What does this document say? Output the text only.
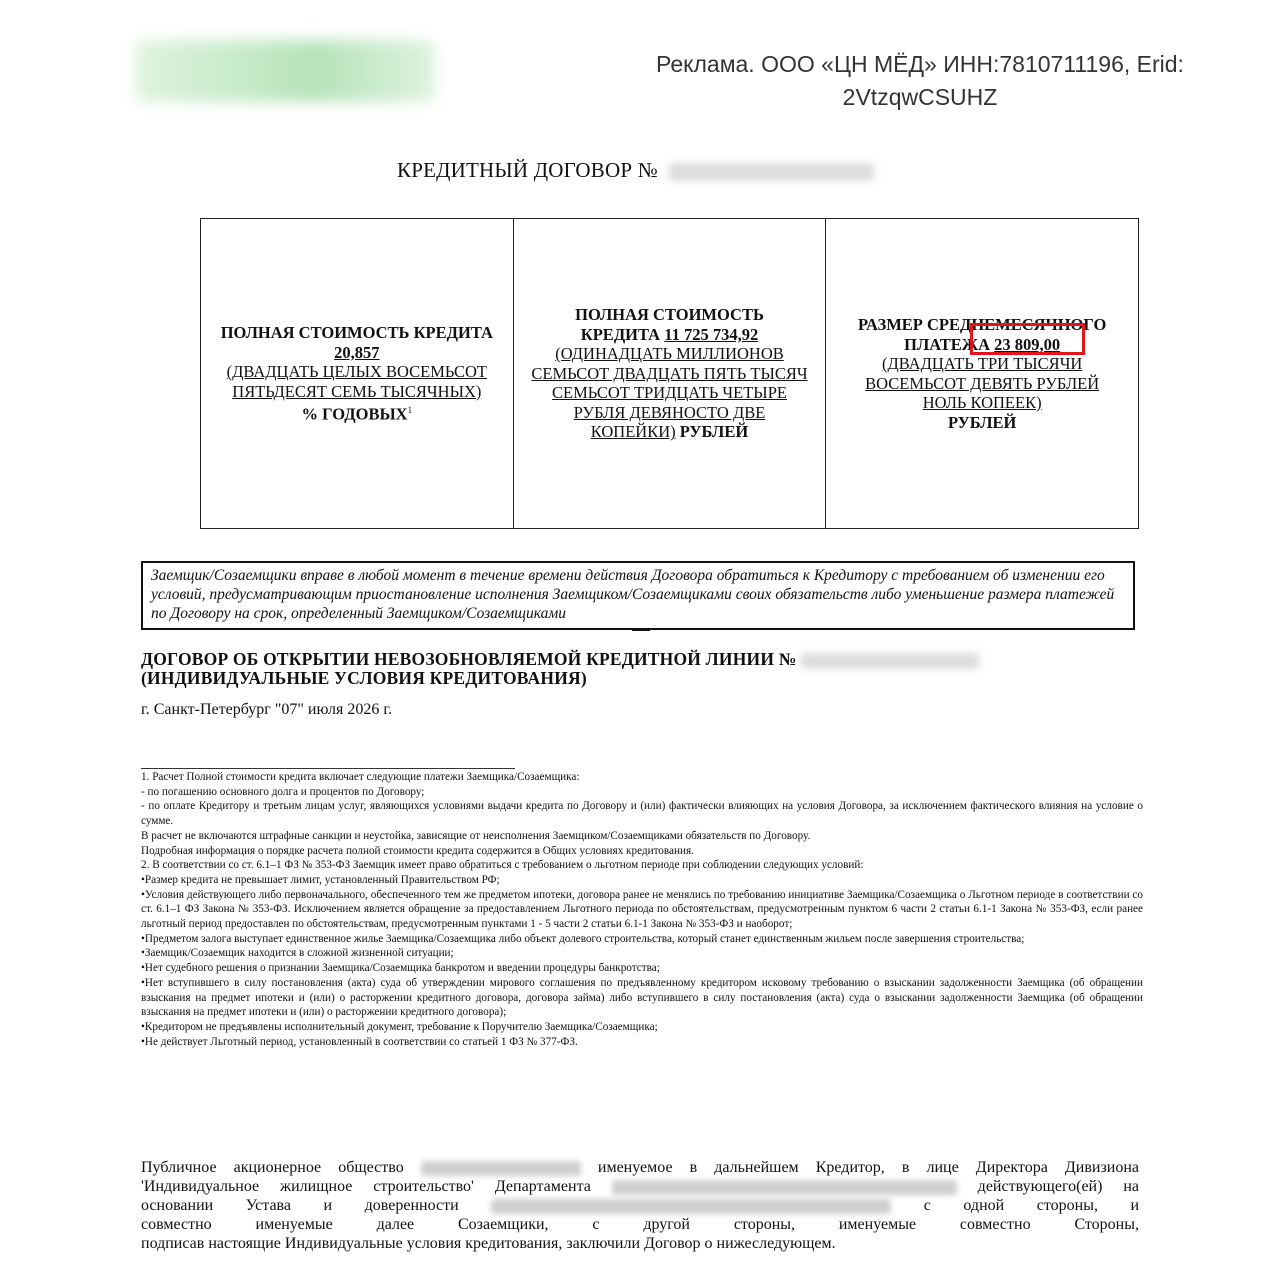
Реклама. ООО «ЦН МЁД» ИНН:7810711196, Erid:
2VtzqwCSUHZ
КРЕДИТНЫЙ ДОГОВОР №
ПОЛНАЯ СТОИМОСТЬ КРЕДИТА
20,857
(ДВАДЦАТЬ ЦЕЛЫХ ВОСЕМЬСОТ ПЯТЬДЕСЯТ СЕМЬ ТЫСЯЧНЫХ)
% ГОДОВЫХ$^1$

ПОЛНАЯ СТОИМОСТЬ
КРЕДИТА 11 725 734,92
(ОДИНАДЦАТЬ МИЛЛИОНОВ СЕМЬСОТ ДВАДЦАТЬ ПЯТЬ ТЫСЯЧ СЕМЬСОТ ТРИДЦАТЬ ЧЕТЫРЕ РУБЛЯ ДЕВЯНОСТО ДВЕ КОПЕЙКИ) РУБЛЕЙ

РАЗМЕР СРЕДНЕМЕСЯЧНОГО
ПЛАТЕЖА 23 809,00
(ДВАДЦАТЬ ТРИ ТЫСЯЧИ ВОСЕМЬСОТ ДЕВЯТЬ РУБЛЕЙ НОЛЬ КОПЕЕК)
РУБЛЕЙ
Заемщик/Созаемщики вправе в любой момент в течение времени действия Договора обратиться к Кредитору с требованием об изменении его условий, предусматривающим приостановление исполнения Заемщиком/Созаемщиками своих обязательств либо уменьшение размера платежей по Договору на срок, определенный Заемщиком/Созаемщиками
ДОГОВОР ОБ ОТКРЫТИИ НЕВОЗОБНОВЛЯЕМОЙ КРЕДИТНОЙ ЛИНИИ №
(ИНДИВИДУАЛЬНЫЕ УСЛОВИЯ КРЕДИТОВАНИЯ)
г. Санкт-Петербург "07" июля 2026 г.

1. Расчет Полной стоимости кредита включает следующие платежи Заемщика/Созаемщика:

- по погашению основного долга и процентов по Договору;

- по оплате Кредитору и третьим лицам услуг, являющихся условиями выдачи кредита по Договору и (или) фактически влияющих на условия Договора, за исключением фактического влияния на условие о сумме.

В расчет не включаются штрафные санкции и неустойка, зависящие от неисполнения Заемщиком/Созаемщиками обязательств по Договору.

Подробная информация о порядке расчета полной стоимости кредита содержится в Общих условиях кредитования.

2. В соответствии со ст. 6.1–1 ФЗ № 353-ФЗ Заемщик имеет право обратиться с требованием о льготном периоде при соблюдении следующих условий:

•Размер кредита не превышает лимит, установленный Правительством РФ;

•Условия действующего либо первоначального, обеспеченного тем же предметом ипотеки, договора ранее не менялись по требованию инициативе Заемщика/Созаемщика о Льготном периоде в соответствии со ст. 6.1–1 ФЗ Закона № 353-ФЗ. Исключением является обращение за предоставлением Льготного периода по обстоятельствам, предусмотренным пунктом 6 части 2 статьи 6.1-1 Закона № 353-ФЗ, если ранее льготный период предоставлен по обстоятельствам, предусмотренным пунктами 1 - 5 части 2 статьи 6.1-1 Закона № 353-ФЗ и наоборот;

•Предметом залога выступает единственное жилье Заемщика/Созаемщика либо объект долевого строительства, который станет единственным жильем после завершения строительства;

•Заемщик/Созаемщик находится в сложной жизненной ситуации;

•Нет судебного решения о признании Заемщика/Созаемщика банкротом и введении процедуры банкротства;

•Нет вступившего в силу постановления (акта) суда об утверждении мирового соглашения по предъявленному кредитором исковому требованию о взыскании задолженности Заемщика (об обращении взыскания на предмет ипотеки и (или) о расторжении кредитного договора, договора займа) либо вступившего в силу постановления (акта) суда о взыскании задолженности Заемщика (об обращении взыскания на предмет ипотеки и (или) о расторжении кредитного договора);

•Кредитором не предъявлены исполнительный документ, требование к Поручителю Заемщика/Созаемщика;

•Не действует Льготный период, установленный в соответствии со статьей 1 ФЗ № 377-ФЗ.

Публичное акционерное общество	именуемое в дальнейшем Кредитор, в лице Директора Дивизиона

'Индивидуальное жилищное строительство' Департамента	действующего(ей) на

основании Устава и доверенности	с одной стороны, и

совместно именуемые далее Созаемщики, с другой стороны, именуемые совместно Стороны,

подписав настоящие Индивидуальные условия кредитования, заключили Договор о нижеследующем.
